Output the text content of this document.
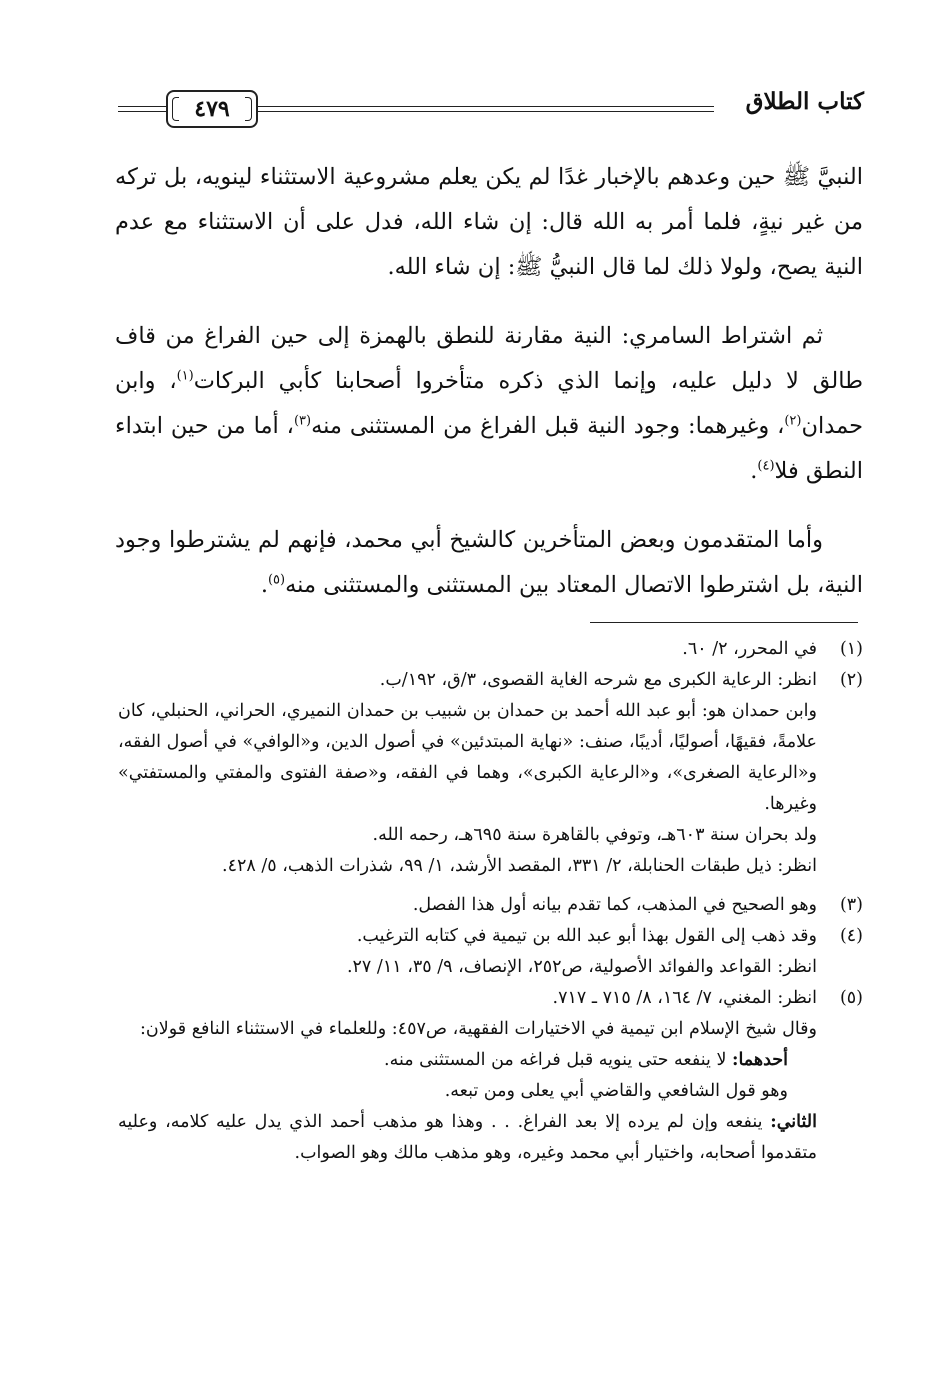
كتاب الطلاق
٤٧٩

النبيَّ ﷺ حين وعدهم بالإخبار غدًا لم يكن يعلم مشروعية الاستثناء لينويه، بل تركه من غير نيةٍ، فلما أمر به الله قال: إن شاء الله، فدل على أن الاستثناء مع عدم النية يصح، ولولا ذلك لما قال النبيُّ ﷺ: إن شاء الله.

ثم اشتراط السامري: النية مقارنة للنطق بالهمزة إلى حين الفراغ من قاف طالق لا دليل عليه، وإنما الذي ذكره متأخروا أصحابنا كأبي البركات$^{(١)}$، وابن حمدان$^{(٢)}$، وغيرهما: وجود النية قبل الفراغ من المستثنى منه$^{(٣)}$، أما من حين ابتداء النطق فلا$^{(٤)}$.

وأما المتقدمون وبعض المتأخرين كالشيخ أبي محمد، فإنهم لم يشترطوا وجود النية، بل اشترطوا الاتصال المعتاد بين المستثنى والمستثنى منه$^{(٥)}$.

(١)
في المحرر، ٢/ ٦٠.

(٢)
انظر: الرعاية الكبرى مع شرحه الغاية القصوى، ٣/ق، ١٩٢/ب.

وابن حمدان هو: أبو عبد الله أحمد بن حمدان بن شبيب بن حمدان النميري، الحراني، الحنبلي، كان علامةً، فقيهًا، أصوليًا، أديبًا، صنف: «نهاية المبتدئين» في أصول الدين، و«الوافي» في أصول الفقه، و«الرعاية الصغرى»، و«الرعاية الكبرى»، وهما في الفقه، و«صفة الفتوى والمفتي والمستفتي» وغيرها.

ولد بحران سنة ٦٠٣هـ، وتوفي بالقاهرة سنة ٦٩٥هـ، رحمه الله.

انظر: ذيل طبقات الحنابلة، ٢/ ٣٣١، المقصد الأرشد، ١/ ٩٩، شذرات الذهب، ٥/ ٤٢٨.

(٣)
وهو الصحيح في المذهب، كما تقدم بيانه أول هذا الفصل.

(٤)
وقد ذهب إلى القول بهذا أبو عبد الله بن تيمية في كتابه الترغيب.

انظر: القواعد والفوائد الأصولية، ص٢٥٢، الإنصاف، ٩/ ٣٥، ١١/ ٢٧.

(٥)
انظر: المغني، ٧/ ١٦٤، ٨/ ٧١٥ ـ ٧١٧.

وقال شيخ الإسلام ابن تيمية في الاختيارات الفقهية، ص٤٥٧: وللعلماء في الاستثناء النافع قولان:

أحدهما: لا ينفعه حتى ينويه قبل فراغه من المستثنى منه.

وهو قول الشافعي والقاضي أبي يعلى ومن تبعه.

الثاني: ينفعه وإن لم يرده إلا بعد الفراغ. . . وهذا هو مذهب أحمد الذي يدل عليه كلامه، وعليه متقدموا أصحابه، واختيار أبي محمد وغيره، وهو مذهب مالك وهو الصواب.
